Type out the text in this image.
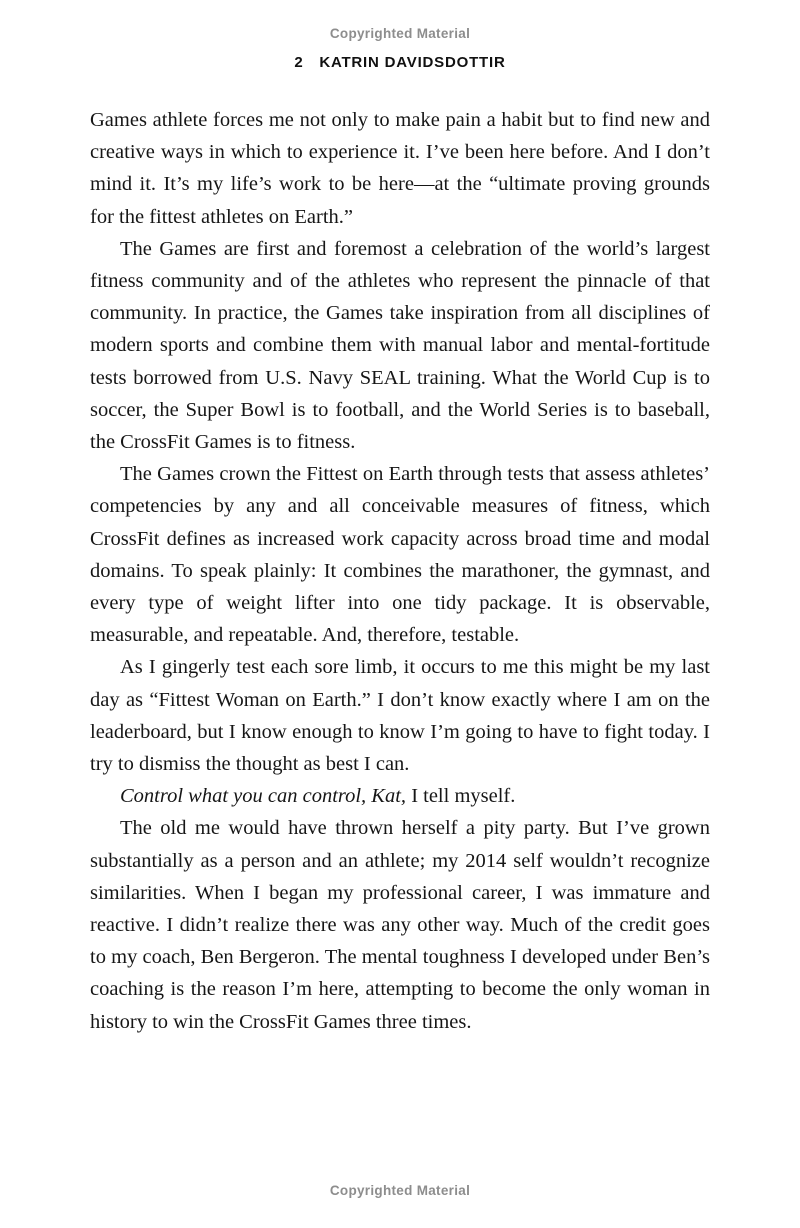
Copyrighted Material
2 KATRIN DAVIDSDOTTIR

Games athlete forces me not only to make pain a habit but to find new and creative ways in which to experience it. I’ve been here before. And I don’t mind it. It’s my life’s work to be here—at the “ultimate proving grounds for the fittest athletes on Earth.”

The Games are first and foremost a celebration of the world’s largest fitness community and of the athletes who represent the pinnacle of that community. In practice, the Games take inspiration from all disciplines of modern sports and combine them with manual labor and mental-fortitude tests borrowed from U.S. Navy SEAL training. What the World Cup is to soccer, the Super Bowl is to football, and the World Series is to baseball, the CrossFit Games is to fitness.

The Games crown the Fittest on Earth through tests that assess athletes’ competencies by any and all conceivable measures of fitness, which CrossFit defines as increased work capacity across broad time and modal domains. To speak plainly: It combines the marathoner, the gymnast, and every type of weight lifter into one tidy package. It is observable, measurable, and repeatable. And, therefore, testable.

As I gingerly test each sore limb, it occurs to me this might be my last day as “Fittest Woman on Earth.” I don’t know exactly where I am on the leaderboard, but I know enough to know I’m going to have to fight today. I try to dismiss the thought as best I can.

Control what you can control, Kat, I tell myself.

The old me would have thrown herself a pity party. But I’ve grown substantially as a person and an athlete; my 2014 self wouldn’t recognize similarities. When I began my professional career, I was immature and reactive. I didn’t realize there was any other way. Much of the credit goes to my coach, Ben Bergeron. The mental toughness I developed under Ben’s coaching is the reason I’m here, attempting to become the only woman in history to win the CrossFit Games three times.

Copyrighted Material
